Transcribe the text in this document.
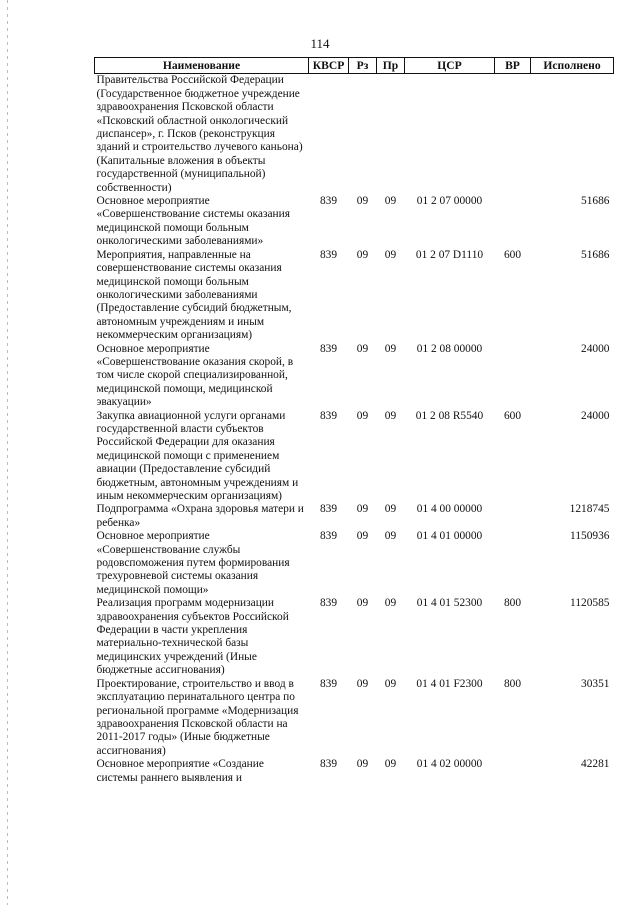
114
Наименование	КВСР	Рз	Пр	ЦСР	ВР	Исполнено
Правительства Российской Федерации (Государственное бюджетное учреждение здравоохранения Псковской области «Псковский областной онкологический диспансер», г. Псков (реконструкция зданий и строительство лучевого каньона) (Капитальные вложения в объекты государственной (муниципальной) собственности)						
Основное мероприятие «Совершенствование системы оказания медицинской помощи больным онкологическими заболеваниями»	839	09	09	01 2 07 00000		51686
Мероприятия, направленные на совершенствование системы оказания медицинской помощи больным онкологическими заболеваниями (Предоставление субсидий бюджетным, автономным учреждениям и иным некоммерческим организациям)	839	09	09	01 2 07 D1110	600	51686
Основное мероприятие «Совершенствование оказания скорой, в том числе скорой специализированной, медицинской помощи, медицинской эвакуации»	839	09	09	01 2 08 00000		24000
Закупка авиационной услуги органами государственной власти субъектов Российской Федерации для оказания медицинской помощи с применением авиации (Предоставление субсидий бюджетным, автономным учреждениям и иным некоммерческим организациям)	839	09	09	01 2 08 R5540	600	24000
Подпрограмма «Охрана здоровья матери и ребенка»	839	09	09	01 4 00 00000		1218745
Основное мероприятие «Совершенствование службы родовспоможения путем формирования трехуровневой системы оказания медицинской помощи»	839	09	09	01 4 01 00000		1150936
Реализация программ модернизации здравоохранения субъектов Российской Федерации в части укрепления материально-технической базы медицинских учреждений (Иные бюджетные ассигнования)	839	09	09	01 4 01 52300	800	1120585
Проектирование, строительство и ввод в эксплуатацию перинатального центра по региональной программе «Модернизация здравоохранения Псковской области на 2011-2017 годы» (Иные бюджетные ассигнования)	839	09	09	01 4 01 F2300	800	30351
Основное мероприятие «Создание системы раннего выявления и	839	09	09	01 4 02 00000		42281
